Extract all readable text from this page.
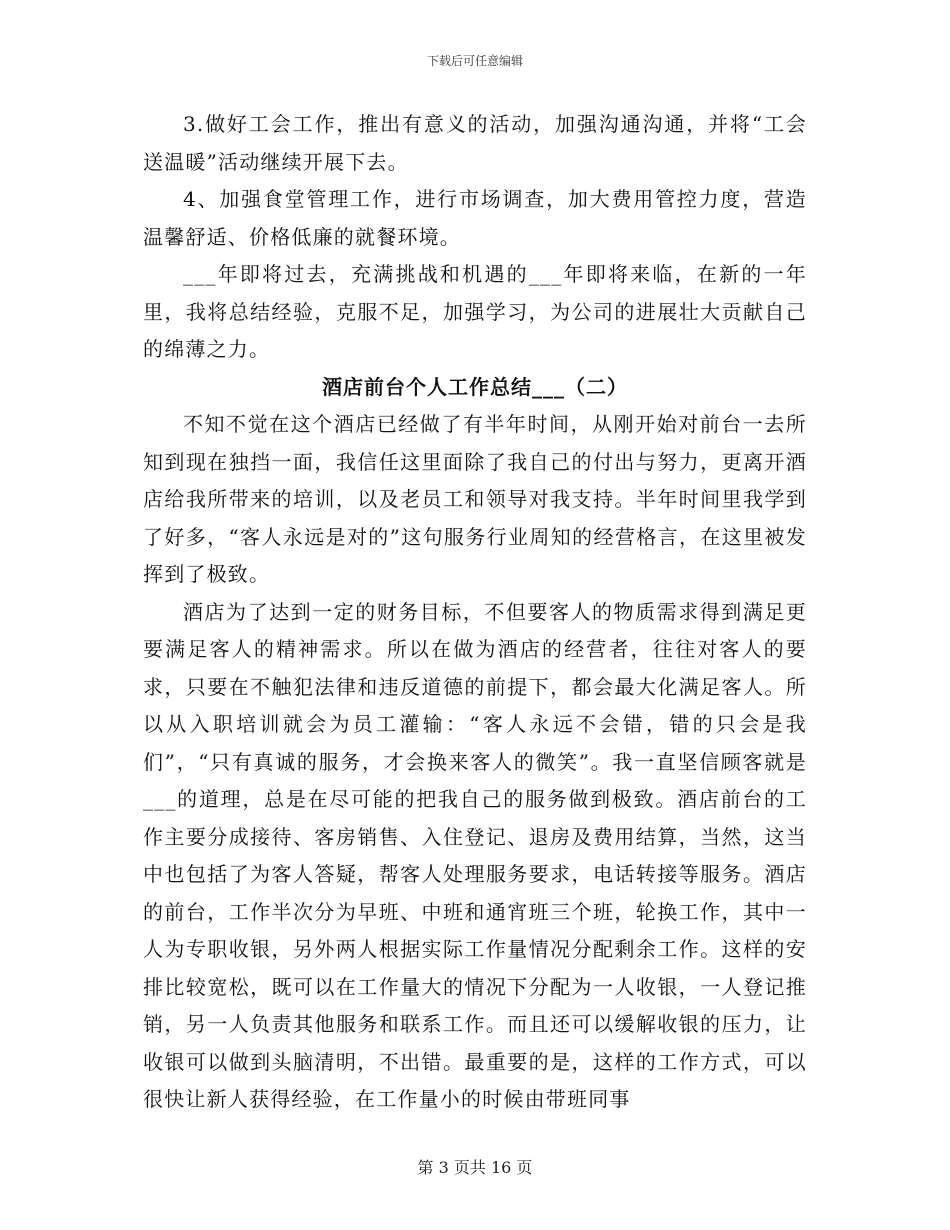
下载后可任意编辑

3.做好工会工作，推出有意义的活动，加强沟通沟通，并将“工会送温暖”活动继续开展下去。

4、加强食堂管理工作，进行市场调查，加大费用管控力度，营造温馨舒适、价格低廉的就餐环境。

___年即将过去，充满挑战和机遇的___年即将来临，在新的一年里，我将总结经验，克服不足，加强学习，为公司的进展壮大贡献自己的绵薄之力。

酒店前台个人工作总结___（二）

不知不觉在这个酒店已经做了有半年时间，从刚开始对前台一去所知到现在独挡一面，我信任这里面除了我自己的付出与努力，更离开酒店给我所带来的培训，以及老员工和领导对我支持。半年时间里我学到了好多，“客人永远是对的”这句服务行业周知的经营格言，在这里被发挥到了极致。

酒店为了达到一定的财务目标，不但要客人的物质需求得到满足更要满足客人的精神需求。所以在做为酒店的经营者，往往对客人的要求，只要在不触犯法律和违反道德的前提下，都会最大化满足客人。所以从入职培训就会为员工灌输：“客人永远不会错，错的只会是我们”，“只有真诚的服务，才会换来客人的微笑”。我一直坚信顾客就是___的道理，总是在尽可能的把我自己的服务做到极致。酒店前台的工作主要分成接待、客房销售、入住登记、退房及费用结算，当然，这当中也包括了为客人答疑，帮客人处理服务要求，电话转接等服务。酒店的前台，工作半次分为早班、中班和通宵班三个班，轮换工作，其中一人为专职收银，另外两人根据实际工作量情况分配剩余工作。这样的安排比较宽松，既可以在工作量大的情况下分配为一人收银，一人登记推销，另一人负责其他服务和联系工作。而且还可以缓解收银的压力，让收银可以做到头脑清明，不出错。最重要的是，这样的工作方式，可以很快让新人获得经验，在工作量小的时候由带班同事

第 3 页共 16 页
